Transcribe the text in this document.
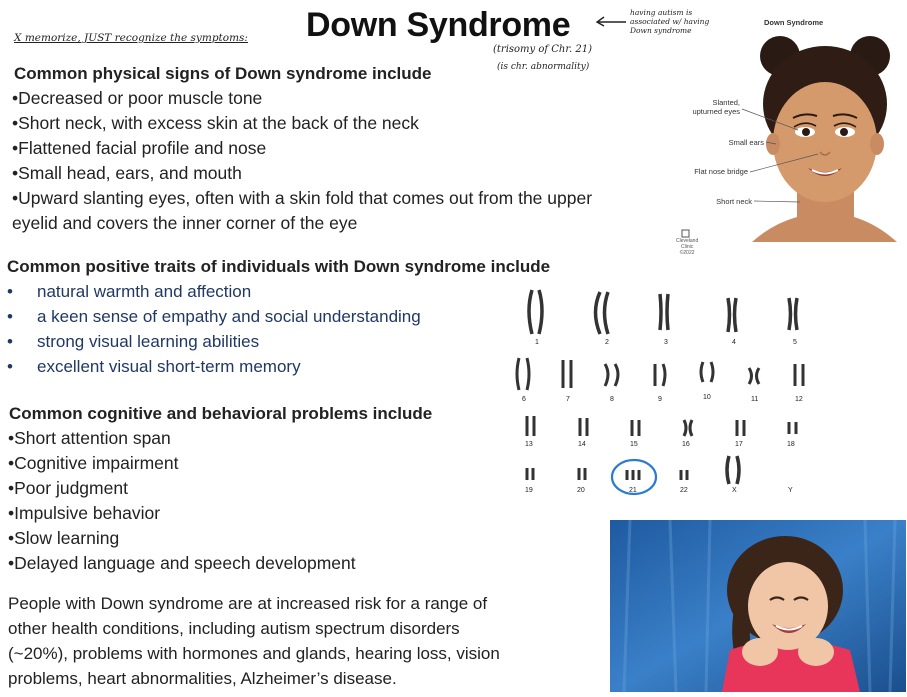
Down Syndrome
X memorize, JUST recognize the symptoms:
(trisomy of Chr. 21)
(is chr. abnormality)
having autism is associated w/ having Down syndrome
Common physical signs of Down syndrome include
•Decreased or poor muscle tone
•Short neck, with excess skin at the back of the neck
•Flattened facial profile and nose
•Small head, ears, and mouth
•Upward slanting eyes, often with a skin fold that comes out from the upper
eyelid and covers the inner corner of the eye
Common positive traits of individuals with Down syndrome include
•	natural warmth and affection
•	a keen sense of empathy and social understanding
•	strong visual learning abilities
•	excellent visual short-term memory
Common cognitive and behavioral problems include
•Short attention span
•Cognitive impairment
•Poor judgment
•Impulsive behavior
•Slow learning
•Delayed language and speech development
People with Down syndrome are at increased risk for a range of
other health conditions, including autism spectrum disorders
(~20%), problems with hormones and glands, hearing loss, vision
problems, heart abnormalities, Alzheimer’s disease.
Down Syndrome
Slanted,
upturned eyes
Small ears
Flat nose bridge
Short neck
Cleveland
Clinic
©2022
1	2	3	4	5
6	7	8	9	10	11	12
13	14	15	16	17	18
19	20	21	22	X	Y
